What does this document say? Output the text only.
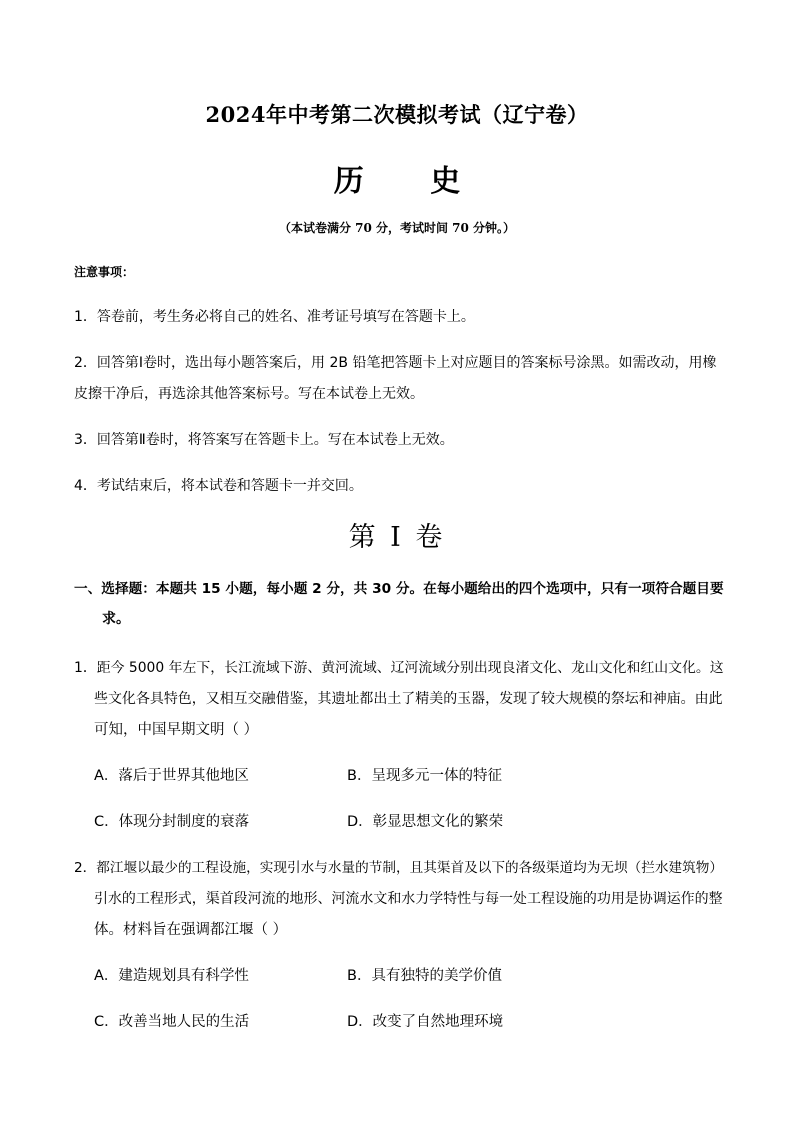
2024年中考第二次模拟考试（辽宁卷）
历 史
（本试卷满分 70 分，考试时间 70 分钟。）
注意事项：
1．答卷前，考生务必将自己的姓名、准考证号填写在答题卡上。
2．回答第Ⅰ卷时，选出每小题答案后，用 2B 铅笔把答题卡上对应题目的答案标号涂黑。如需改动，用橡
皮擦干净后，再选涂其他答案标号。写在本试卷上无效。
3．回答第Ⅱ卷时，将答案写在答题卡上。写在本试卷上无效。
4．考试结束后，将本试卷和答题卡一并交回。
第 I 卷
一、选择题：本题共 15 小题，每小题 2 分，共 30 分。在每小题给出的四个选项中，只有一项符合题目要
求。
1．距今 5000 年左下，长江流域下游、黄河流域、辽河流域分别出现良渚文化、龙山文化和红山文化。这
些文化各具特色，又相互交融借鉴，其遗址都出土了精美的玉器，发现了较大规模的祭坛和神庙。由此
可知，中国早期文明（ ）
A．落后于世界其他地区	B．呈现多元一体的特征
C．体现分封制度的衰落	D．彰显思想文化的繁荣
2．都江堰以最少的工程设施，实现引水与水量的节制，且其渠首及以下的各级渠道均为无坝（拦水建筑物）
引水的工程形式，渠首段河流的地形、河流水文和水力学特性与每一处工程设施的功用是协调运作的整
体。材料旨在强调都江堰（ ）
A．建造规划具有科学性	B．具有独特的美学价值
C．改善当地人民的生活	D．改变了自然地理环境
